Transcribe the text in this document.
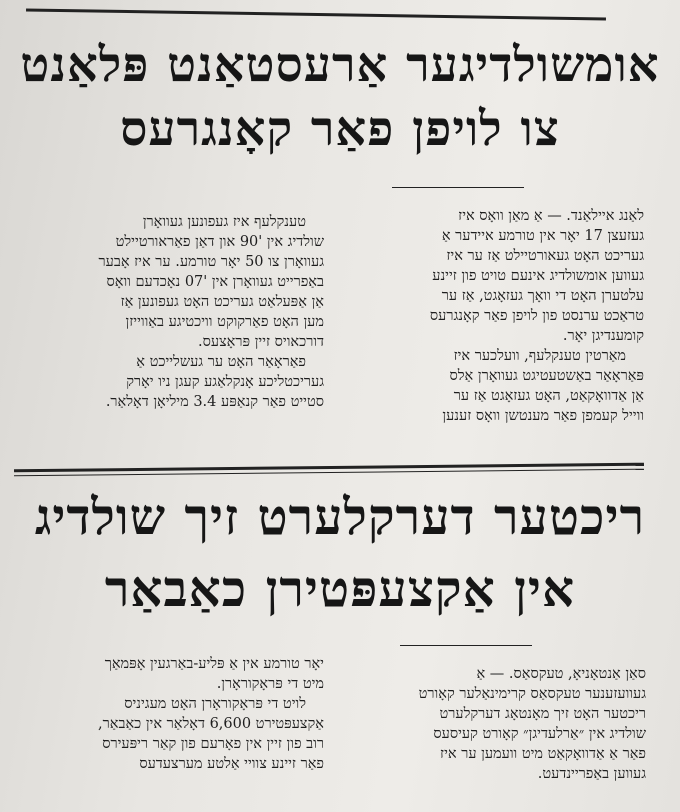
אומשולדיגער אַרעסטאַנט פּלאַנט
צו לויפן פאַר קאָנגרעס
לאַנג איילאַנד. — אַ מאַן וואָס איז
געזעצן 17 יאָר אין טורמע איידער אַ
געריכט האָט געאורטיילט אַז ער איז
געווען אומשולדיג אינעם טויט פון זיינע
עלטערן האָט די וואָך געזאָגט, אַז ער
טראַכט ערנסט פון לויפן פאַר קאָנגרעס
קומענדיגן יאָר.
מאַרטין טענקלעף, וועלכער איז
פּאַראָאַר באַשטעטיגט געוואָרן אַלס
אַן אַדוואָקאַט, האָט געזאָגט אַז ער
ווייל קעמפן פאַר מענטשן וואָס זענען
טענקלעף איז געפונען געוואָרן
שולדיג אין '90 און דאַן פאַראורטיילט
געוואָרן צו 50 יאָר טורמע. ער איז אָבער
באַפרייט געוואָרן אין '07 נאָכדעם וואָס
אַן אַפּעלאַט געריכט האָט געפונען אַז
מען האָט פאַרקוקט וויכטיגע באַווייזן
דורכאויס זיין פּראָצעס.
פאַראָאַר האָט ער געשלייכט אַ
געריכטליכע אָנקלאַגע קעגן ניו יאָרק
סטייט פאַר קנאַפּע 3.4 מיליאָן דאָלאַר.
ריכטער דערקלערט זיך שולדיג
אין אַקצעפּטירן כאַבאַר
סאַן אַנטאָניאָ, טעקסאַס. — אַ
געוועזענער טעקסאַס קרימינאַלער קאָורט
ריכטער האָט זיך מאָנטאָג דערקלערט
שולדיג אין ״אַרלעדיגן״ קאָורט קעיסעס
פאַר אַ אַדוואָקאַט מיט וועמען ער איז
געווען באַפריינדעט.
יאָר טורמע אין אַ פּליע-באַרגעין אָפּמאַך
מיט די פּראָקוראָרן.
לויט די פּראָקוראָרן האָט מעגיניס
אַקצעפּטירט 6,600 דאָלאַר אין כאַבאַר,
רוב פון זיין אין פאָרעם פון קאַר ריפּעירס
פאַר זיינע צוויי אַלטע מערצעדעס
